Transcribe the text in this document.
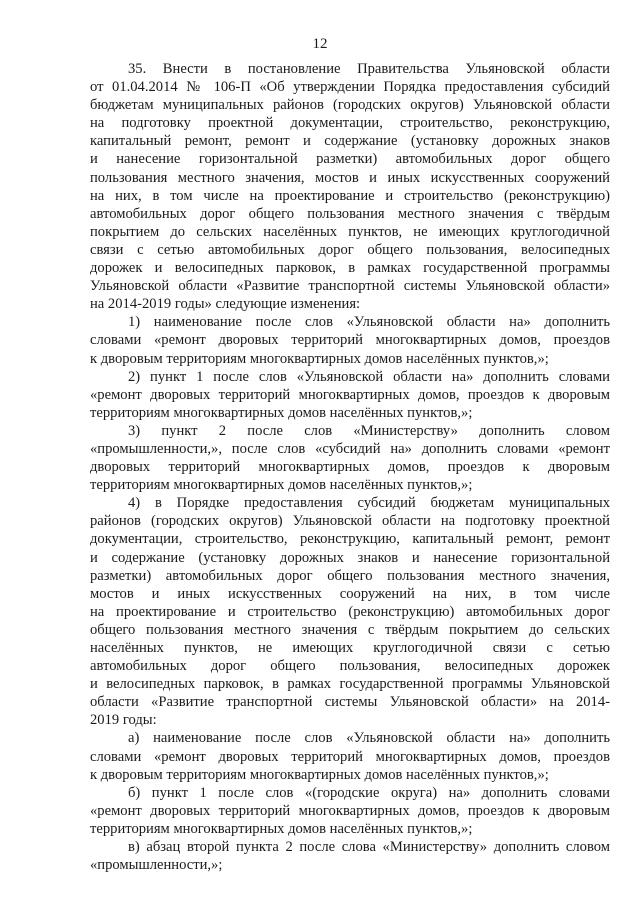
12
35. Внести в постановление Правительства Ульяновской области
от 01.04.2014 № 106-П «Об утверждении Порядка предоставления субсидий
бюджетам муниципальных районов (городских округов) Ульяновской области
на подготовку проектной документации, строительство, реконструкцию,
капитальный ремонт, ремонт и содержание (установку дорожных знаков
и нанесение горизонтальной разметки) автомобильных дорог общего
пользования местного значения, мостов и иных искусственных сооружений
на них, в том числе на проектирование и строительство (реконструкцию)
автомобильных дорог общего пользования местного значения с твёрдым
покрытием до сельских населённых пунктов, не имеющих круглогодичной
связи с сетью автомобильных дорог общего пользования, велосипедных
дорожек и велосипедных парковок, в рамках государственной программы
Ульяновской области «Развитие транспортной системы Ульяновской области»
на 2014-2019 годы» следующие изменения:
1) наименование после слов «Ульяновской области на» дополнить
словами «ремонт дворовых территорий многоквартирных домов, проездов
к дворовым территориям многоквартирных домов населённых пунктов,»;
2) пункт 1 после слов «Ульяновской области на» дополнить словами
«ремонт дворовых территорий многоквартирных домов, проездов к дворовым
территориям многоквартирных домов населённых пунктов,»;
3) пункт 2 после слов «Министерству» дополнить словом
«промышленности,», после слов «субсидий на» дополнить словами «ремонт
дворовых территорий многоквартирных домов, проездов к дворовым
территориям многоквартирных домов населённых пунктов,»;
4) в Порядке предоставления субсидий бюджетам муниципальных
районов (городских округов) Ульяновской области на подготовку проектной
документации, строительство, реконструкцию, капитальный ремонт, ремонт
и содержание (установку дорожных знаков и нанесение горизонтальной
разметки) автомобильных дорог общего пользования местного значения,
мостов и иных искусственных сооружений на них, в том числе
на проектирование и строительство (реконструкцию) автомобильных дорог
общего пользования местного значения с твёрдым покрытием до сельских
населённых пунктов, не имеющих круглогодичной связи с сетью
автомобильных дорог общего пользования, велосипедных дорожек
и велосипедных парковок, в рамках государственной программы Ульяновской
области «Развитие транспортной системы Ульяновской области» на 2014-
2019 годы:
а) наименование после слов «Ульяновской области на» дополнить
словами «ремонт дворовых территорий многоквартирных домов, проездов
к дворовым территориям многоквартирных домов населённых пунктов,»;
б) пункт 1 после слов «(городские округа) на» дополнить словами
«ремонт дворовых территорий многоквартирных домов, проездов к дворовым
территориям многоквартирных домов населённых пунктов,»;
в) абзац второй пункта 2 после слова «Министерству» дополнить словом
«промышленности,»;
